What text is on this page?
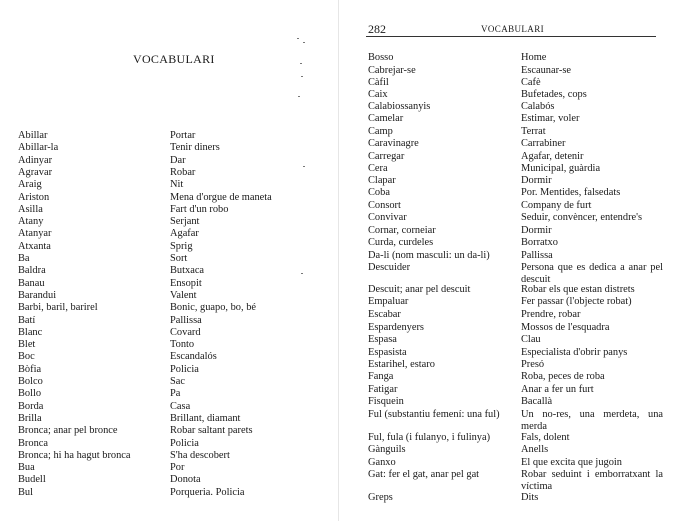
VOCABULARI
Abillar
Abillar-la
Adinyar
Agravar
Araig
Ariston
Asilla
Atany
Atanyar
Atxanta
Ba
Baldra
Banau
Barandui
Barbi, baril, barirel
Batí
Blanc
Blet
Boc
Bòfia
Bolco
Bollo
Borda
Brilla
Bronca; anar pel bronce
Bronca
Bronca; hi ha hagut bronca
Bua
Budell
Bul
Portar
Tenir diners
Dar
Robar
Nit
Mena d'orgue de maneta
Fart d'un robo
Serjant
Agafar
Sprig
Sort
Butxaca
Ensopit
Valent
Bonic, guapo, bo, bé
Pallissa
Covard
Tonto
Escandalós
Policia
Sac
Pa
Casa
Brillant, diamant
Robar saltant parets
Policia
S'ha descobert
Por
Donota
Porqueria. Policia
282	VOCABULARI
Bosso
Cabrejar-se
Càfil
Caix
Calabiossanyis
Camelar
Camp
Caravinagre
Carregar
Cera
Clapar
Coba
Consort
Convivar
Cornar, corneiar
Curda, curdeles
Da-li (nom masculi: un da-li)
Descuider
Descuit; anar pel descuit
Empaluar
Escabar
Espardenyers
Espasa
Espasista
Estarihel, estaro
Fanga
Fatigar
Fisquein
Ful (substantiu femení: una ful)
Ful, fula (i fulanyo, i fulinya)
Gànguils
Ganxo
Gat: fer el gat, anar pel gat
Greps
Home
Escaunar-se
Cafè
Bufetades, cops
Calabós
Estimar, voler
Terrat
Carrabiner
Agafar, detenir
Municipal, guàrdia
Dormir
Por. Mentides, falsedats
Company de furt
Seduir, convèncer, entendre's
Dormir
Borratxo
Pallissa
Persona que es dedica a anar pel descuit
Robar els que estan distrets
Fer passar (l'objecte robat)
Prendre, robar
Mossos de l'esquadra
Clau
Especialista d'obrir panys
Presó
Roba, peces de roba
Anar a fer un furt
Bacallà
Un no-res, una merdeta, una merda
Fals, dolent
Anells
El que excita que jugoin
Robar seduint i emborratxant la víctima
Dits
